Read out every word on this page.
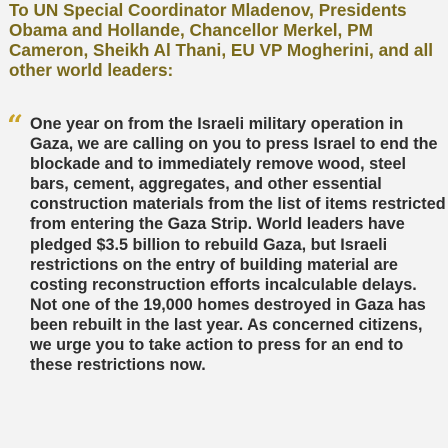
To UN Special Coordinator Mladenov, Presidents Obama and Hollande, Chancellor Merkel, PM Cameron, Sheikh Al Thani, EU VP Mogherini, and all other world leaders:

“ One year on from the Israeli military operation in Gaza, we are calling on you to press Israel to end the blockade and to immediately remove wood, steel bars, cement, aggregates, and other essential construction materials from the list of items restricted from entering the Gaza Strip. World leaders have pledged $3.5 billion to rebuild Gaza, but Israeli restrictions on the entry of building material are costing reconstruction efforts incalculable delays. Not one of the 19,000 homes destroyed in Gaza has been rebuilt in the last year. As concerned citizens, we urge you to take action to press for an end to these restrictions now.
